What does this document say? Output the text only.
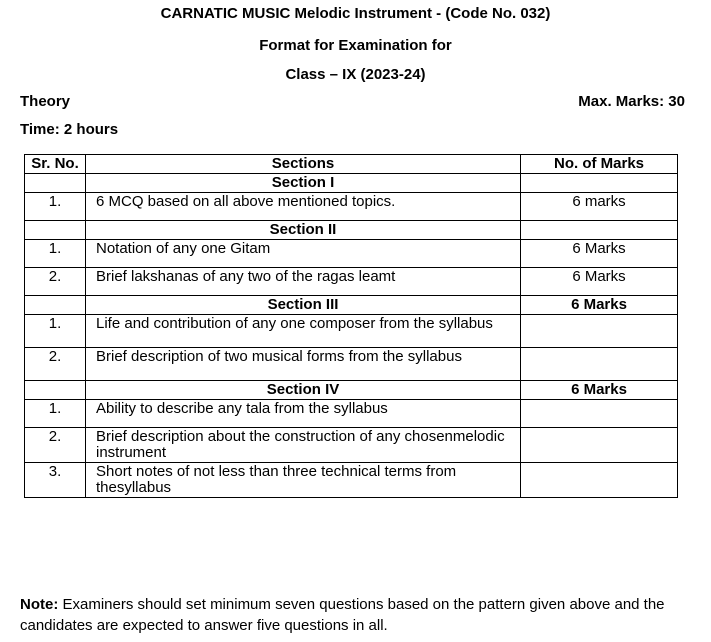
CARNATIC MUSIC Melodic Instrument - (Code No. 032)
Format for Examination for
Class – IX (2023-24)
Theory	Max. Marks: 30
Time: 2 hours
Sr. No.	Sections	No. of Marks
	Section I	
1.	6 MCQ based on all above mentioned topics.	6 marks
	Section II	
1.	Notation of any one Gitam	6 Marks
2.	Brief lakshanas of any two of the ragas leamt	6 Marks
	Section III	6 Marks
1.	Life and contribution of any one composer from the syllabus	
2.	Brief description of two musical forms from the syllabus	
	Section IV	6 Marks
1.	Ability to describe any tala from the syllabus	
2.	Brief description about the construction of any chosenmelodic instrument	
3.	Short notes of not less than three technical terms from thesyllabus	
Note: Examiners should set minimum seven questions based on the pattern given above and the candidates are expected to answer five questions in all.
